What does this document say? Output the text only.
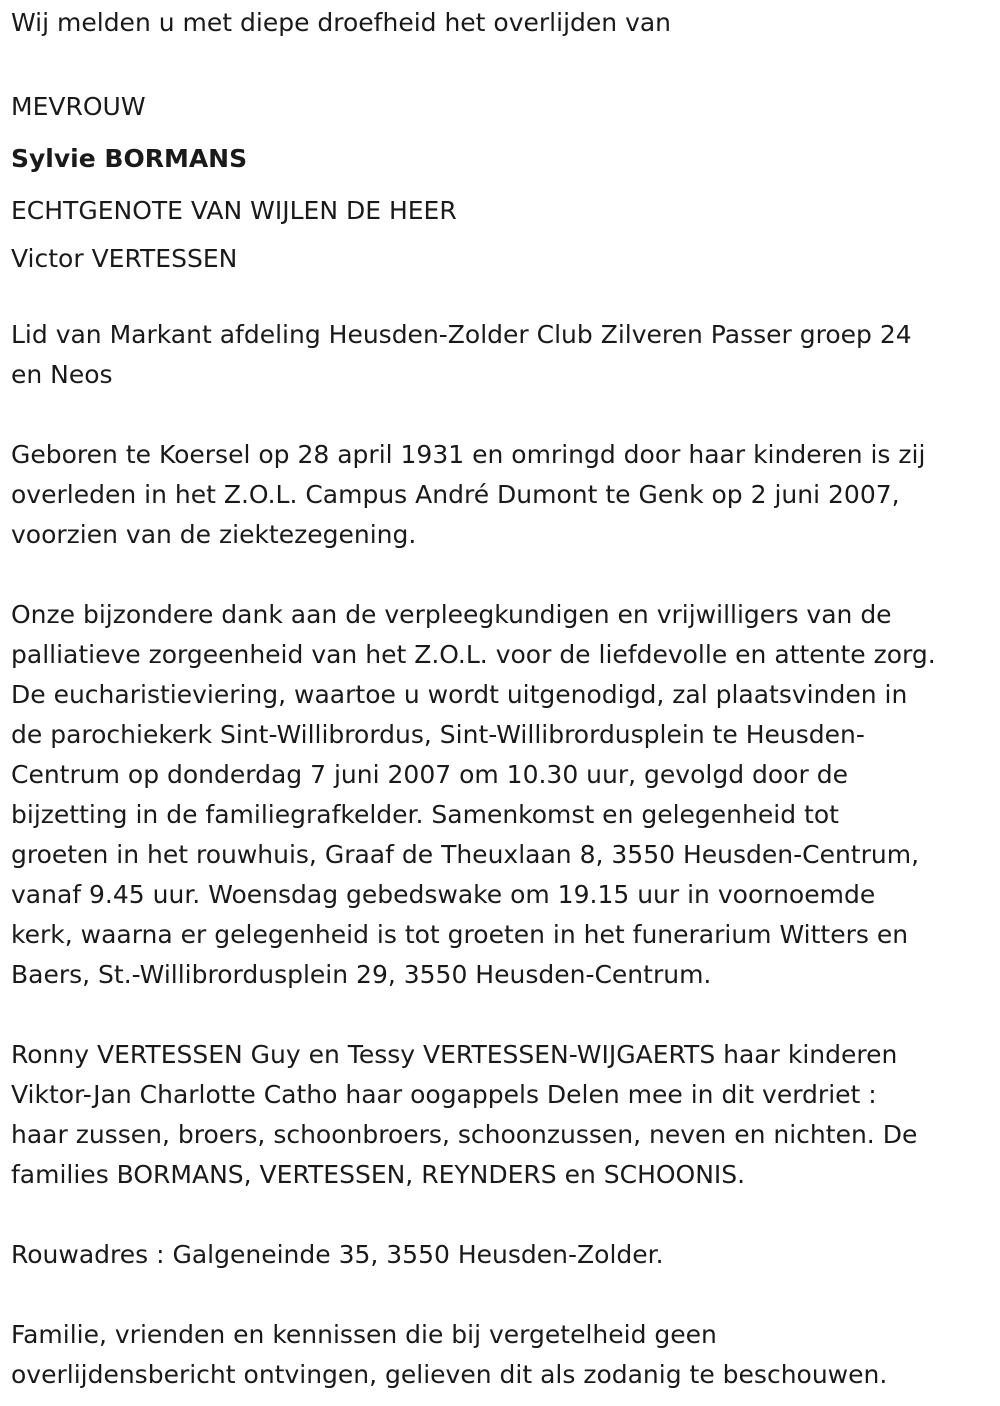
Wij melden u met diepe droefheid het overlijden van

MEVROUW

Sylvie BORMANS

ECHTGENOTE VAN WIJLEN DE HEER

Victor VERTESSEN

Lid van Markant afdeling Heusden-Zolder Club Zilveren Passer groep 24

en Neos

Geboren te Koersel op 28 april 1931 en omringd door haar kinderen is zij

overleden in het Z.O.L. Campus André Dumont te Genk op 2 juni 2007,

voorzien van de ziektezegening.

Onze bijzondere dank aan de verpleegkundigen en vrijwilligers van de

palliatieve zorgeenheid van het Z.O.L. voor de liefdevolle en attente zorg.

De eucharistieviering, waartoe u wordt uitgenodigd, zal plaatsvinden in

de parochiekerk Sint-Willibrordus, Sint-Willibrordusplein te Heusden-

Centrum op donderdag 7 juni 2007 om 10.30 uur, gevolgd door de

bijzetting in de familiegrafkelder. Samenkomst en gelegenheid tot

groeten in het rouwhuis, Graaf de Theuxlaan 8, 3550 Heusden-Centrum,

vanaf 9.45 uur. Woensdag gebedswake om 19.15 uur in voornoemde

kerk, waarna er gelegenheid is tot groeten in het funerarium Witters en

Baers, St.-Willibrordusplein 29, 3550 Heusden-Centrum.

Ronny VERTESSEN Guy en Tessy VERTESSEN-WIJGAERTS haar kinderen

Viktor-Jan Charlotte Catho haar oogappels Delen mee in dit verdriet :

haar zussen, broers, schoonbroers, schoonzussen, neven en nichten. De

families BORMANS, VERTESSEN, REYNDERS en SCHOONIS.

Rouwadres : Galgeneinde 35, 3550 Heusden-Zolder.

Familie, vrienden en kennissen die bij vergetelheid geen

overlijdensbericht ontvingen, gelieven dit als zodanig te beschouwen.
